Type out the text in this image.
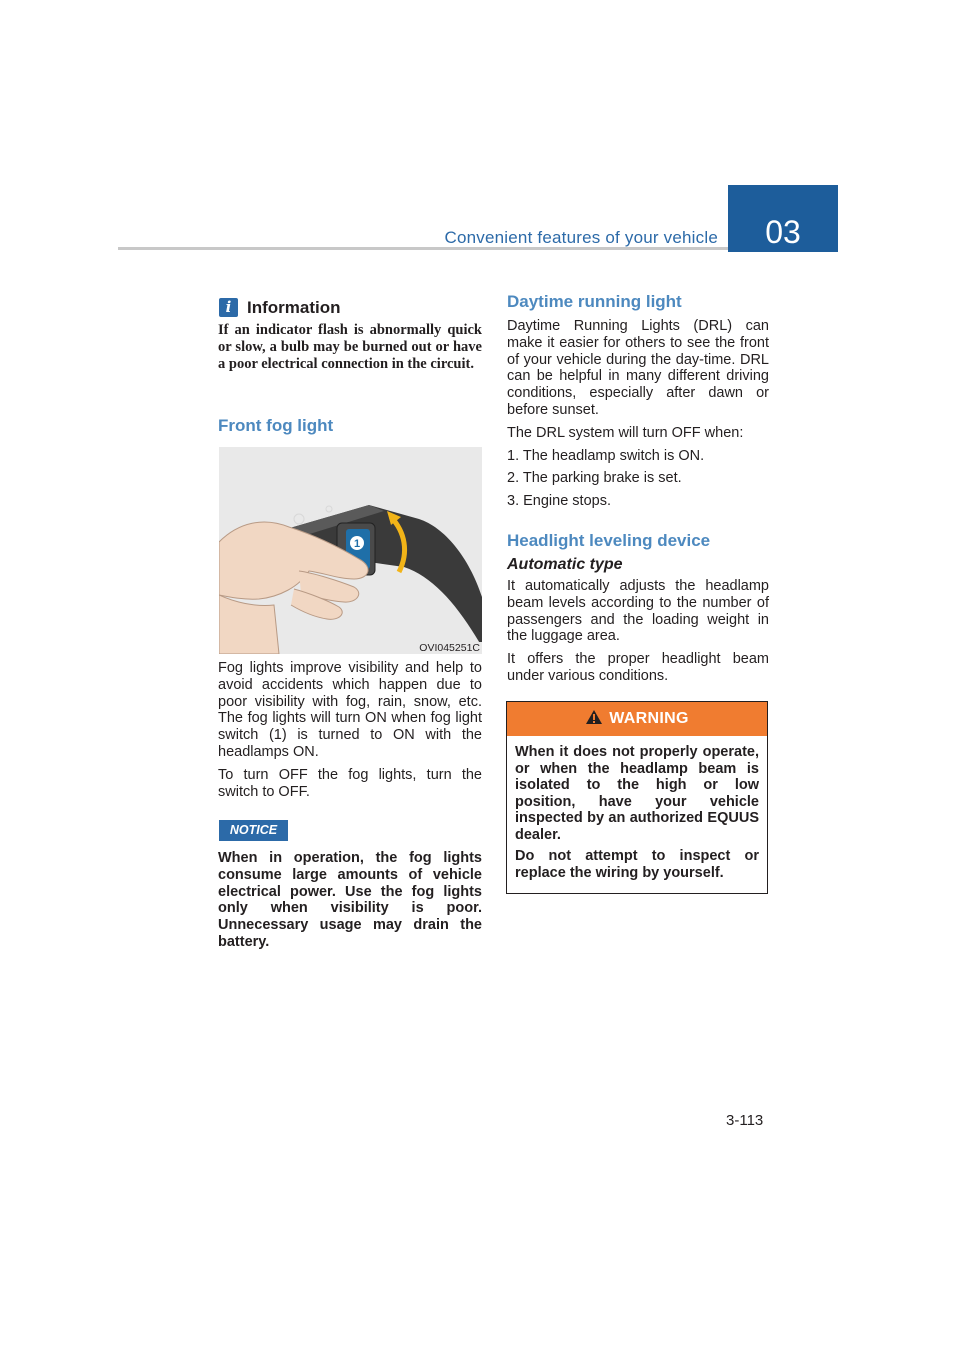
Convenient features of your vehicle	03
i Information
If an indicator flash is abnormally quick or slow, a bulb may be burned out or have a poor electrical connection in the circuit.
Front fog light
1
OVI045251C

Fog lights improve visibility and help to avoid accidents which happen due to poor visibility with fog, rain, snow, etc. The fog lights will turn ON when fog light switch (1) is turned to ON with the headlamps ON.

To turn OFF the fog lights, turn the switch to OFF.

NOTICE
When in operation, the fog lights consume large amounts of vehicle electrical power. Use the fog lights only when visibility is poor. Unnecessary usage may drain the battery.
Daytime running light

Daytime Running Lights (DRL) can make it easier for others to see the front of your vehicle during the day-time. DRL can be helpful in many different driving conditions, especially after dawn or before sunset.

The DRL system will turn OFF when:

1. The headlamp switch is ON.

2. The parking brake is set.

3. Engine stops.

Headlight leveling device
Automatic type

It automatically adjusts the headlamp beam levels according to the number of passengers and the loading weight in the luggage area.

It offers the proper headlight beam under various conditions.

WARNING

When it does not properly operate, or when the headlamp beam is isolated to the high or low position, have your vehicle inspected by an authorized EQUUS dealer.

Do not attempt to inspect or replace the wiring by yourself.

3-113
